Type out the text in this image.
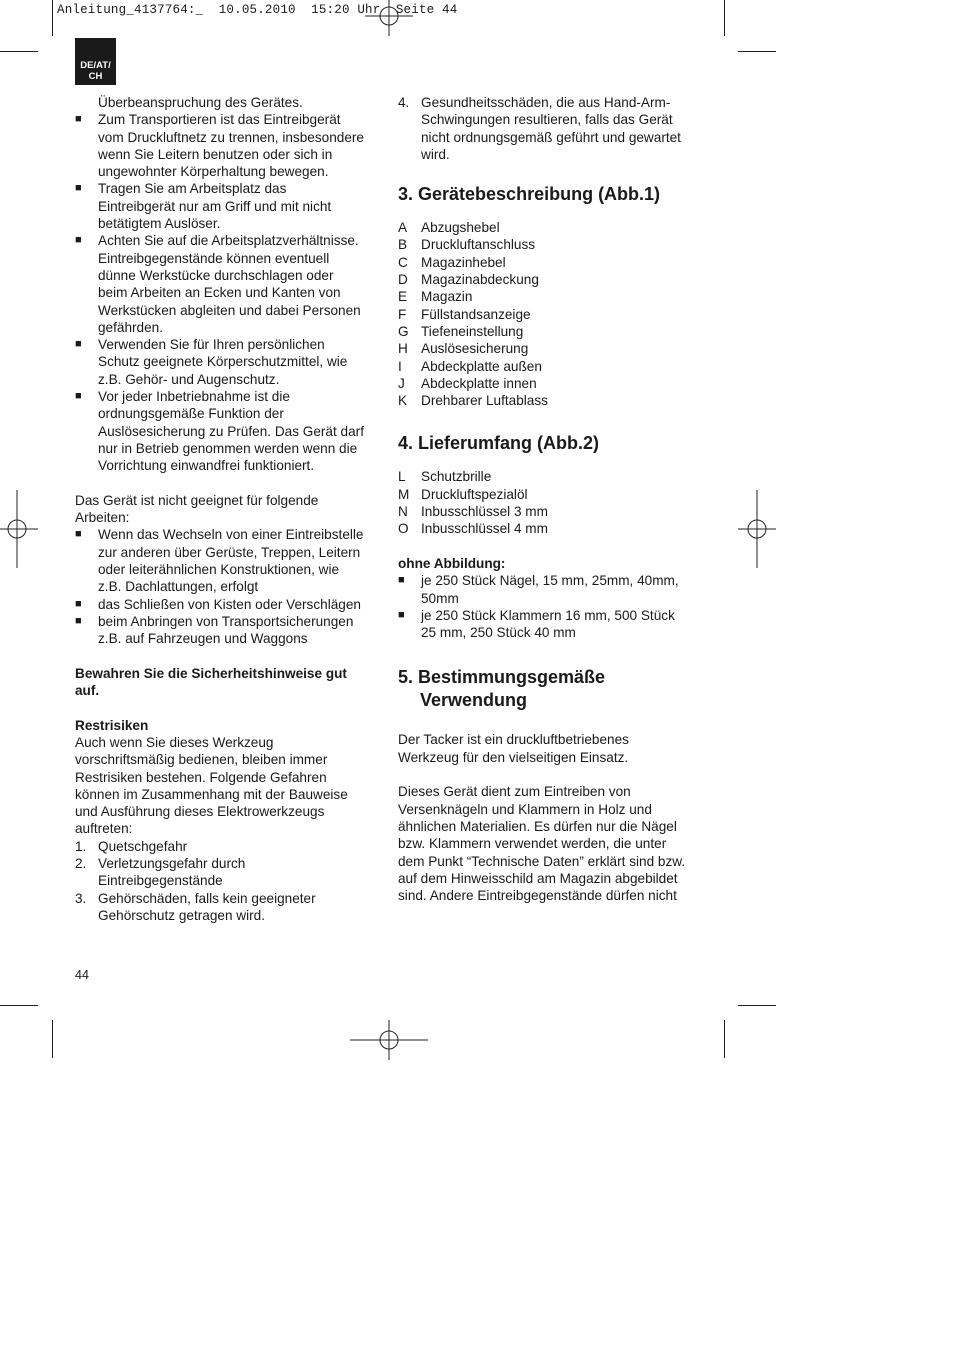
Anleitung_4137764:_  10.05.2010  15:20 Uhr  Seite 44
DE/AT/
CH
Überbeanspruchung des Gerätes.
■	Zum Transportieren ist das Eintreibgerät
vom Druckluftnetz zu trennen, insbesondere
wenn Sie Leitern benutzen oder sich in
ungewohnter Körperhaltung bewegen.
■	Tragen Sie am Arbeitsplatz das
Eintreibgerät nur am Griff und mit nicht
betätigtem Auslöser.
■	Achten Sie auf die Arbeitsplatzverhältnisse.
Eintreibgegenstände können eventuell
dünne Werkstücke durchschlagen oder
beim Arbeiten an Ecken und Kanten von
Werkstücken abgleiten und dabei Personen
gefährden.
■	Verwenden Sie für Ihren persönlichen
Schutz geeignete Körperschutzmittel, wie
z.B. Gehör- und Augenschutz.
■	Vor jeder Inbetriebnahme ist die
ordnungsgemäße Funktion der
Auslösesicherung zu Prüfen. Das Gerät darf
nur in Betrieb genommen werden wenn die
Vorrichtung einwandfrei funktioniert.
Das Gerät ist nicht geeignet für folgende
Arbeiten:
■	Wenn das Wechseln von einer Eintreibstelle
zur anderen über Gerüste, Treppen, Leitern
oder leiterähnlichen Konstruktionen, wie
z.B. Dachlattungen, erfolgt
■	das Schließen von Kisten oder Verschlägen
■	beim Anbringen von Transportsicherungen
z.B. auf Fahrzeugen und Waggons
Bewahren Sie die Sicherheitshinweise gut
auf.
Restrisiken
Auch wenn Sie dieses Werkzeug
vorschriftsmäßig bedienen, bleiben immer
Restrisiken bestehen. Folgende Gefahren
können im Zusammenhang mit der Bauweise
und Ausführung dieses Elektrowerkzeugs
auftreten:
1. Quetschgefahr
2. Verletzungsgefahr durch
Eintreibgegenstände
3. Gehörschäden, falls kein geeigneter
Gehörschutz getragen wird.
4. Gesundheitsschäden, die aus Hand-Arm-
Schwingungen resultieren, falls das Gerät
nicht ordnungsgemäß geführt und gewartet
wird.
3. Gerätebeschreibung (Abb.1)
A	Abzugshebel
B	Druckluftanschluss
C Magazinhebel
D Magazinabdeckung
E	Magazin
F	Füllstandsanzeige
G Tiefeneinstellung
H Auslösesicherung
I	Abdeckplatte außen
J	Abdeckplatte innen
K	Drehbarer Luftablass
4. Lieferumfang (Abb.2)
L	Schutzbrille
M Druckluftspezialöl
N Inbusschlüssel 3 mm
O Inbusschlüssel 4 mm
ohne Abbildung:
■	je 250 Stück Nägel, 15 mm, 25mm, 40mm,
50mm
■	je 250 Stück Klammern 16 mm, 500 Stück
25 mm, 250 Stück 40 mm
5. Bestimmungsgemäße
Verwendung
Der Tacker ist ein druckluftbetriebenes
Werkzeug für den vielseitigen Einsatz.
Dieses Gerät dient zum Eintreiben von
Versenknägeln und Klammern in Holz und
ähnlichen Materialien. Es dürfen nur die Nägel
bzw. Klammern verwendet werden, die unter
dem Punkt “Technische Daten” erklärt sind bzw.
auf dem Hinweisschild am Magazin abgebildet
sind. Andere Eintreibgegenstände dürfen nicht
44
